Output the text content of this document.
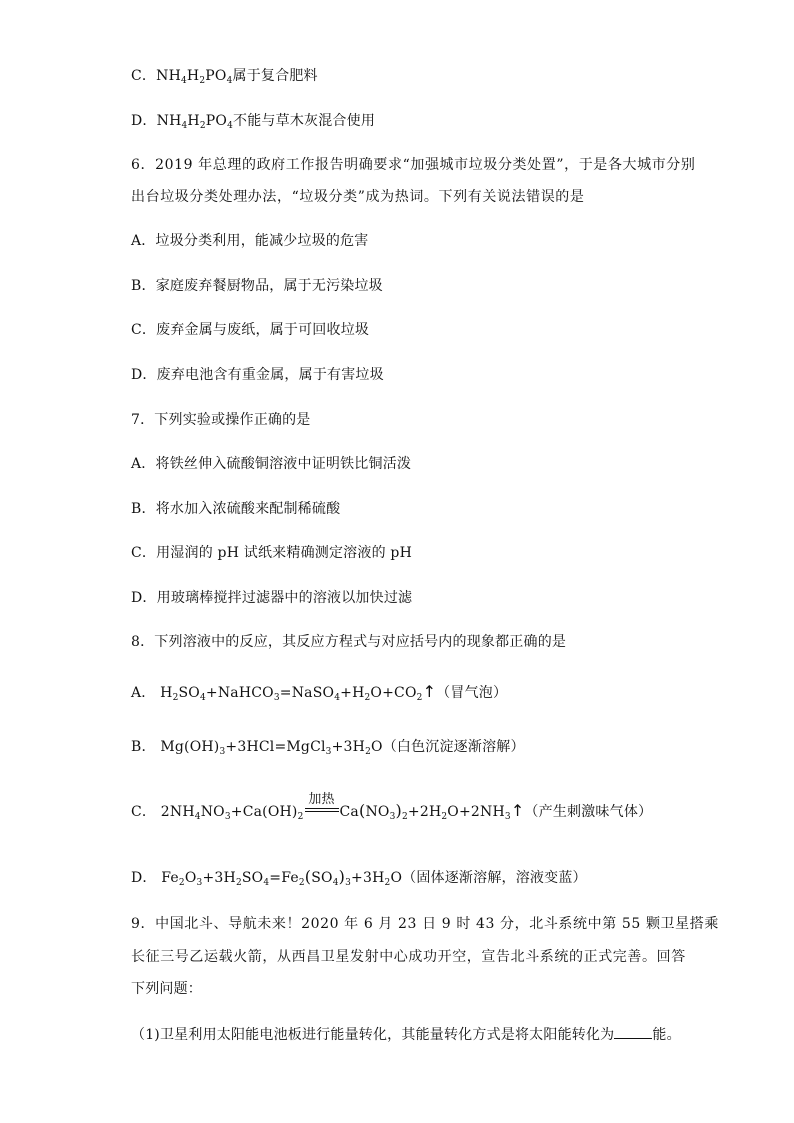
C．$NH_4H_2PO_4$属于复合肥料
D．$NH_4H_2PO_4$不能与草木灰混合使用
6．2019 年总理的政府工作报告明确要求“加强城市垃圾分类处置”，于是各大城市分别
出台垃圾分类处理办法，“垃圾分类”成为热词。下列有关说法错误的是
A．垃圾分类利用，能减少垃圾的危害
B．家庭废弃餐厨物品，属于无污染垃圾
C．废弃金属与废纸，属于可回收垃圾
D．废弃电池含有重金属，属于有害垃圾
7．下列实验或操作正确的是
A．将铁丝伸入硫酸铜溶液中证明铁比铜活泼
B．将水加入浓硫酸来配制稀硫酸
C．用湿润的 pH 试纸来精确测定溶液的 pH
D．用玻璃棒搅拌过滤器中的溶液以加快过滤
8．下列溶液中的反应，其反应方程式与对应括号内的现象都正确的是
A． $H_2SO_4+NaHCO_3=NaSO_4+H_2O+CO_2↑$（冒气泡）
B． $Mg(OH)_3+3HCl=MgCl_3+3H_2O$（白色沉淀逐渐溶解）
C． $2NH_4NO_3+Ca(OH)_2$
加热
$Ca(NO_3)_2+2H_2O+2NH_3↑$（产生刺激味气体）
D． $Fe_2O_3+3H_2SO_4=Fe_2(SO_4)_3+3H_2O$（固体逐渐溶解，溶液变蓝）
9．中国北斗、导航未来！2020 年 6 月 23 日 9 时 43 分，北斗系统中第 55 颗卫星搭乘
长征三号乙运载火箭，从西昌卫星发射中心成功开空，宣告北斗系统的正式完善。回答
下列问题：
（1)卫星利用太阳能电池板进行能量转化，其能量转化方式是将太阳能转化为	能。
